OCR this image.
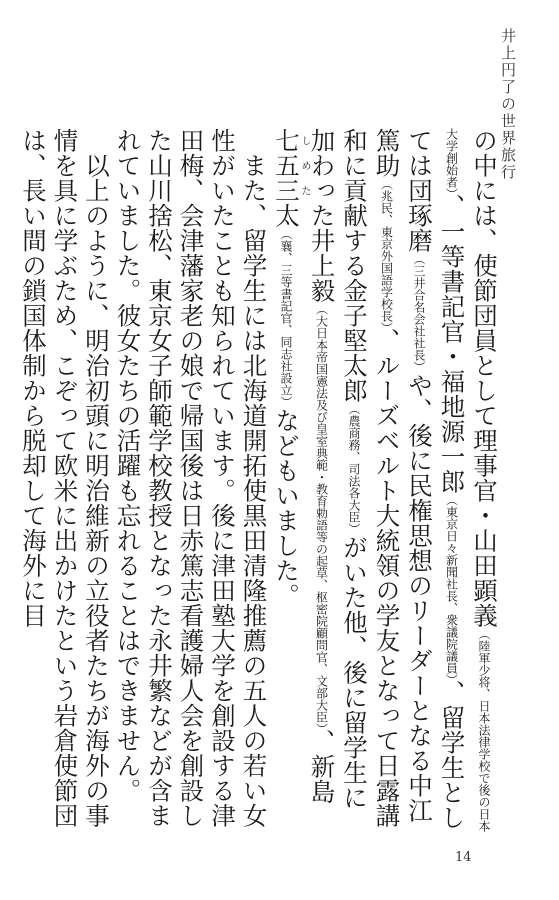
井上円了の世界旅行

の中には、使節団員として理事官・山田顕義（陸軍少将、日本法律学校で後の日本大学創始者）、一等書記官・福地源一郎（東京日々新聞社長、衆議院議員）、留学生としては団琢磨（三井合名会社社長）や、後に民権思想のリーダーとなる中江篤助（兆民、東京外国語学校長）、ルーズベルト大統領の学友となって日露講和に貢献する金子堅太郎（農商務、司法各大臣）がいた他、後に留学生に加わった井上毅（大日本帝国憲法及び皇室典範・教育勅語等の起草、枢密院顧問官、文部大臣）、新島七五三しめた太（襄、三等書記官、同志社設立）などもいました。

また、留学生には北海道開拓使黒田清隆推薦の五人の若い女性がいたことも知られています。後に津田塾大学を創設する津田梅、会津藩家老の娘で帰国後は日赤篤志看護婦人会を創設した山川捨松、東京女子師範学校教授となった永井繁などが含まれていました。彼女たちの活躍も忘れることはできません。

以上のように、明治初頭に明治維新の立役者たちが海外の事情を具に学ぶため、こぞって欧米に出かけたという岩倉使節団は、長い間の鎖国体制から脱却して海外に目

14
